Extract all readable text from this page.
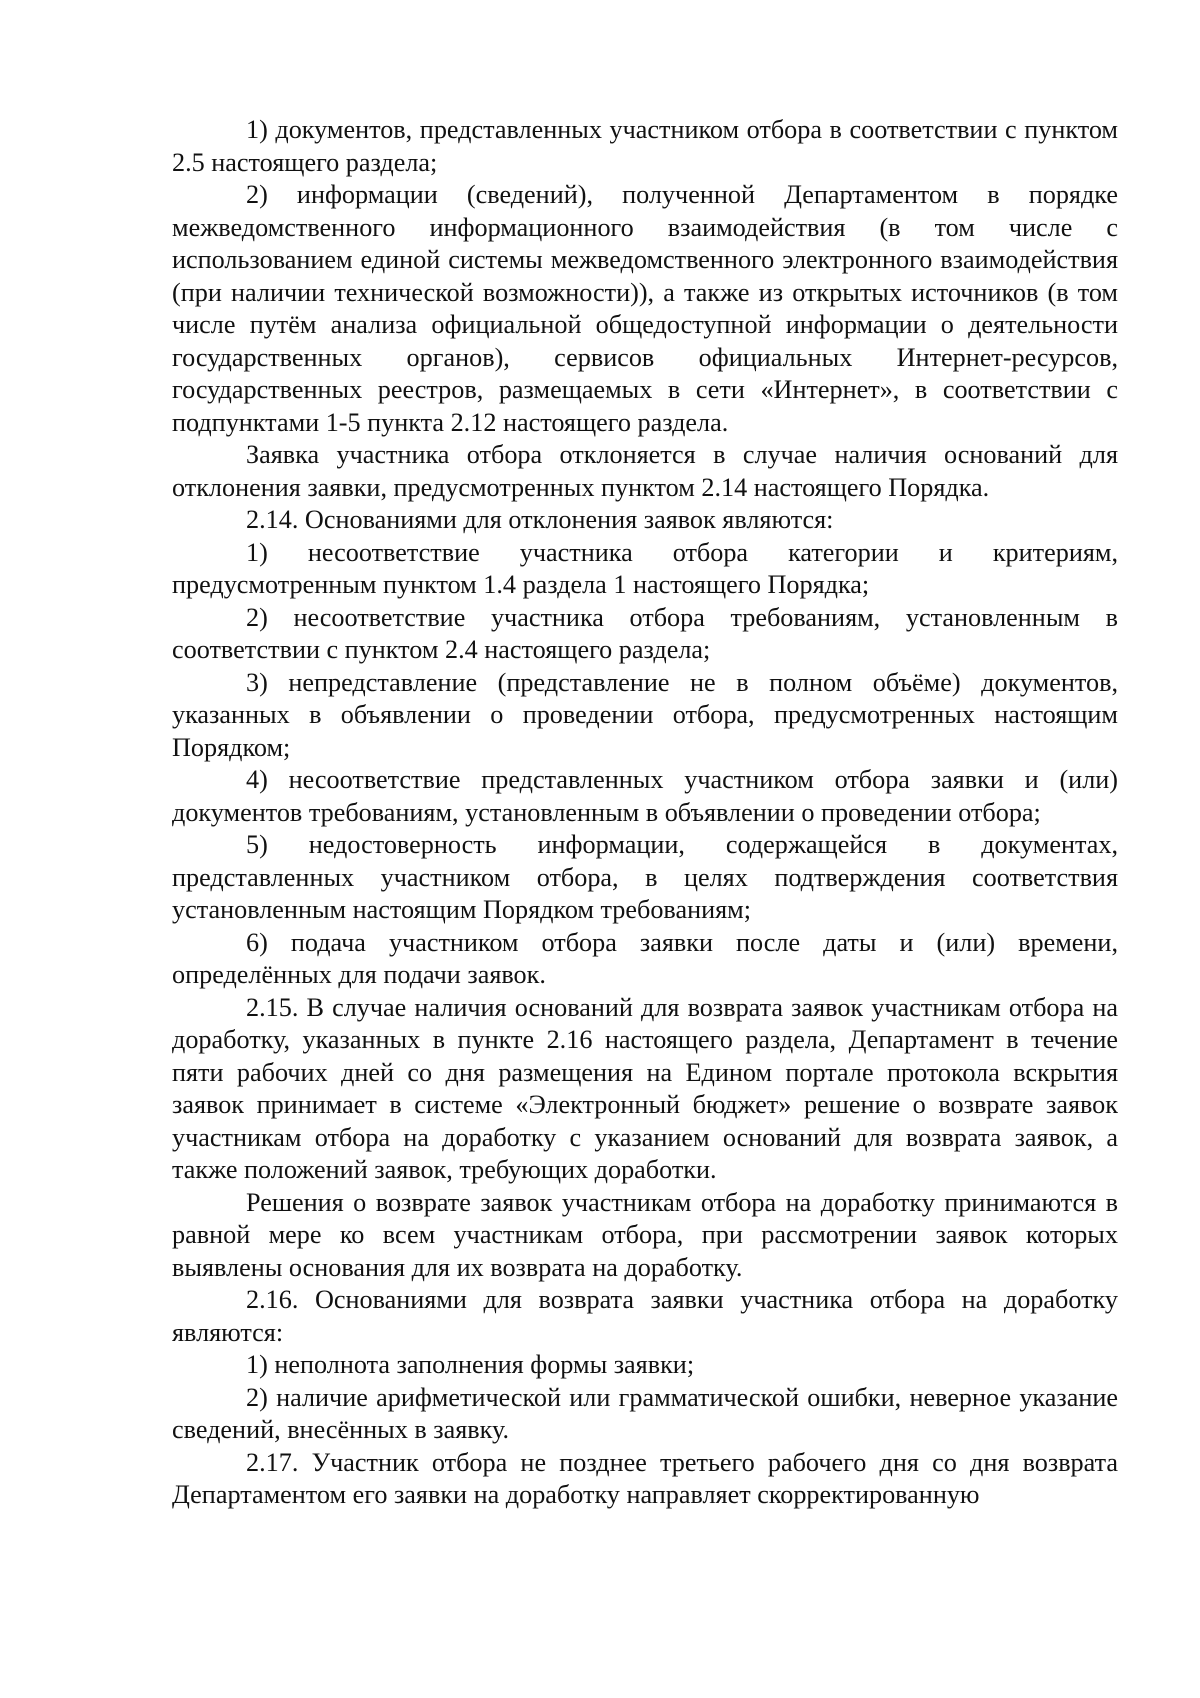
1) документов, представленных участником отбора в соответствии с пунктом 2.5 настоящего раздела;

2) информации (сведений), полученной Департаментом в порядке межведомственного информационного взаимодействия (в том числе с использованием единой системы межведомственного электронного взаимодействия (при наличии технической возможности)), а также из открытых источников (в том числе путём анализа официальной общедоступной информации о деятельности государственных органов), сервисов официальных Интернет-ресурсов, государственных реестров, размещаемых в сети «Интернет», в соответствии с подпунктами 1-5 пункта 2.12 настоящего раздела.

Заявка участника отбора отклоняется в случае наличия оснований для отклонения заявки, предусмотренных пунктом 2.14 настоящего Порядка.

2.14. Основаниями для отклонения заявок являются:

1) несоответствие участника отбора категории и критериям, предусмотренным пунктом 1.4 раздела 1 настоящего Порядка;

2) несоответствие участника отбора требованиям, установленным в соответствии с пунктом 2.4 настоящего раздела;

3) непредставление (представление не в полном объёме) документов, указанных в объявлении о проведении отбора, предусмотренных настоящим Порядком;

4) несоответствие представленных участником отбора заявки и (или) документов требованиям, установленным в объявлении о проведении отбора;

5) недостоверность информации, содержащейся в документах, представленных участником отбора, в целях подтверждения соответствия установленным настоящим Порядком требованиям;

6) подача участником отбора заявки после даты и (или) времени, определённых для подачи заявок.

2.15. В случае наличия оснований для возврата заявок участникам отбора на доработку, указанных в пункте 2.16 настоящего раздела, Департамент в течение пяти рабочих дней со дня размещения на Едином портале протокола вскрытия заявок принимает в системе «Электронный бюджет» решение о возврате заявок участникам отбора на доработку с указанием оснований для возврата заявок, а также положений заявок, требующих доработки.

Решения о возврате заявок участникам отбора на доработку принимаются в равной мере ко всем участникам отбора, при рассмотрении заявок которых выявлены основания для их возврата на доработку.

2.16. Основаниями для возврата заявки участника отбора на доработку являются:

1) неполнота заполнения формы заявки;

2) наличие арифметической или грамматической ошибки, неверное указание сведений, внесённых в заявку.

2.17. Участник отбора не позднее третьего рабочего дня со дня возврата Департаментом его заявки на доработку направляет скорректированную
